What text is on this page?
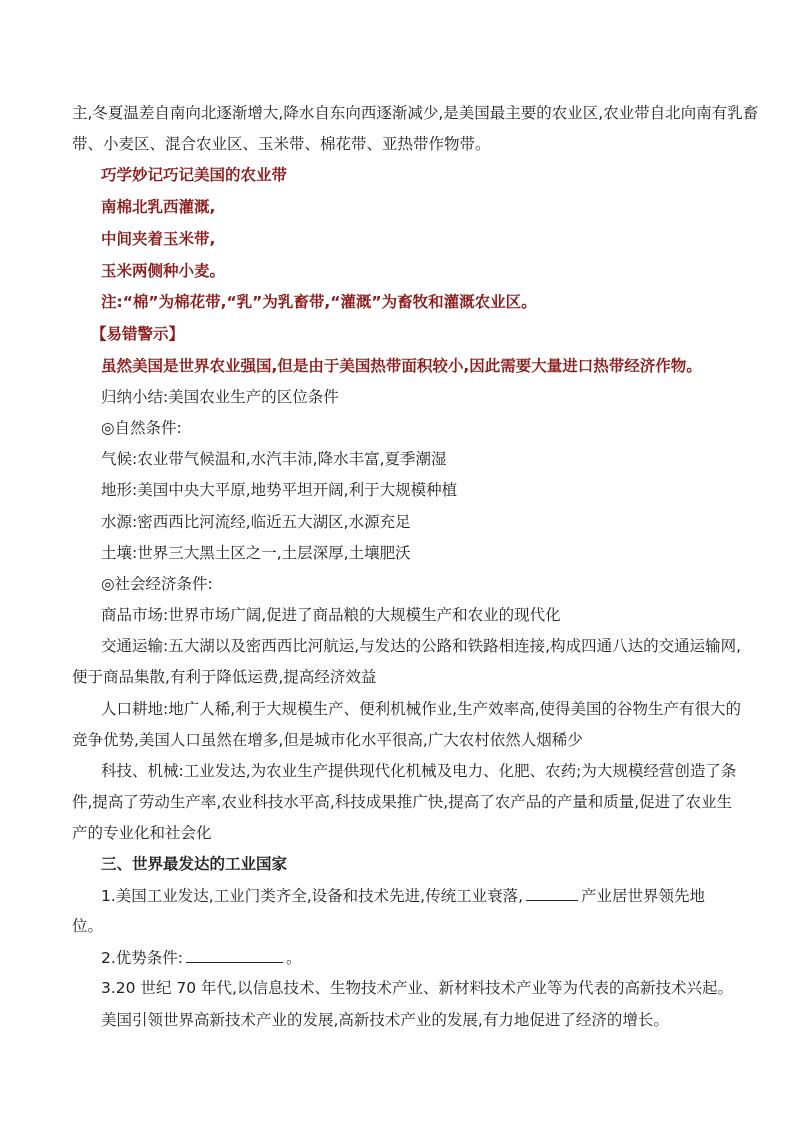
主,冬夏温差自南向北逐渐增大,降水自东向西逐渐减少,是美国最主要的农业区,农业带自北向南有乳畜
带、小麦区、混合农业区、玉米带、棉花带、亚热带作物带。
巧学妙记巧记美国的农业带
南棉北乳西灌溉,
中间夹着玉米带,
玉米两侧种小麦。
注:“棉”为棉花带,“乳”为乳畜带,“灌溉”为畜牧和灌溉农业区。
【易错警示】
虽然美国是世界农业强国,但是由于美国热带面积较小,因此需要大量进口热带经济作物。
归纳小结:美国农业生产的区位条件
◎自然条件:
气候:农业带气候温和,水汽丰沛,降水丰富,夏季潮湿
地形:美国中央大平原,地势平坦开阔,利于大规模种植
水源:密西西比河流经,临近五大湖区,水源充足
土壤:世界三大黑土区之一,土层深厚,土壤肥沃
◎社会经济条件:
商品市场:世界市场广阔,促进了商品粮的大规模生产和农业的现代化
交通运输:五大湖以及密西西比河航运,与发达的公路和铁路相连接,构成四通八达的交通运输网,
便于商品集散,有利于降低运费,提高经济效益
人口耕地:地广人稀,利于大规模生产、便利机械作业,生产效率高,使得美国的谷物生产有很大的
竞争优势,美国人口虽然在增多,但是城市化水平很高,广大农村依然人烟稀少
科技、机械:工业发达,为农业生产提供现代化机械及电力、化肥、农药;为大规模经营创造了条
件,提高了劳动生产率,农业科技水平高,科技成果推广快,提高了农产品的产量和质量,促进了农业生
产的专业化和社会化
三、世界最发达的工业国家
1.美国工业发达,工业门类齐全,设备和技术先进,传统工业衰落,	产业居世界领先地
位。
2.优势条件:	。
3.20 世纪 70 年代,以信息技术、生物技术产业、新材料技术产业等为代表的高新技术兴起。
美国引领世界高新技术产业的发展,高新技术产业的发展,有力地促进了经济的增长。
